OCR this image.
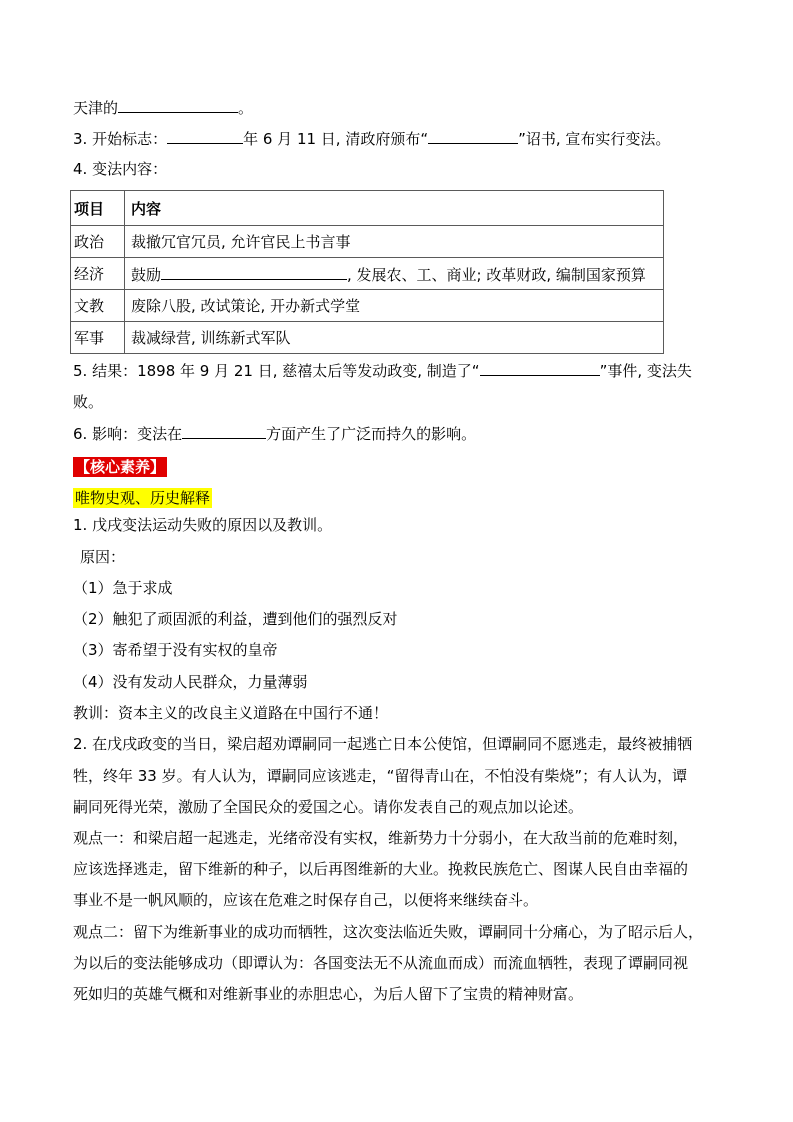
天津的	。
3. 开始标志：	年 6 月 11 日, 清政府颁布“	”诏书, 宣布实行变法。
4. 变法内容：
项目	内容
政治	裁撤冗官冗员, 允许官民上书言事
经济	鼓励 , 发展农、工、商业; 改革财政, 编制国家预算
文教	废除八股, 改试策论, 开办新式学堂
军事	裁减绿营, 训练新式军队
5. 结果：1898 年 9 月 21 日, 慈禧太后等发动政变, 制造了“	”事件, 变法失
败。
6. 影响：变法在	方面产生了广泛而持久的影响。
【核心素养】
唯物史观、历史解释
1. 戊戌变法运动失败的原因以及教训。
原因：
（1）急于求成
（2）触犯了顽固派的利益，遭到他们的强烈反对
（3）寄希望于没有实权的皇帝
（4）没有发动人民群众，力量薄弱
教训：资本主义的改良主义道路在中国行不通！
2. 在戊戌政变的当日，梁启超劝谭嗣同一起逃亡日本公使馆，但谭嗣同不愿逃走，最终被捕牺
牲，终年 33 岁。有人认为，谭嗣同应该逃走，“留得青山在，不怕没有柴烧”；有人认为，谭
嗣同死得光荣，激励了全国民众的爱国之心。请你发表自己的观点加以论述。
观点一：和梁启超一起逃走，光绪帝没有实权，维新势力十分弱小，在大敌当前的危难时刻，
应该选择逃走，留下维新的种子，以后再图维新的大业。挽救民族危亡、图谋人民自由幸福的
事业不是一帆风顺的，应该在危难之时保存自己，以便将来继续奋斗。
观点二：留下为维新事业的成功而牺牲，这次变法临近失败，谭嗣同十分痛心，为了昭示后人，
为以后的变法能够成功（即谭认为：各国变法无不从流血而成）而流血牺牲，表现了谭嗣同视
死如归的英雄气概和对维新事业的赤胆忠心，为后人留下了宝贵的精神财富。
